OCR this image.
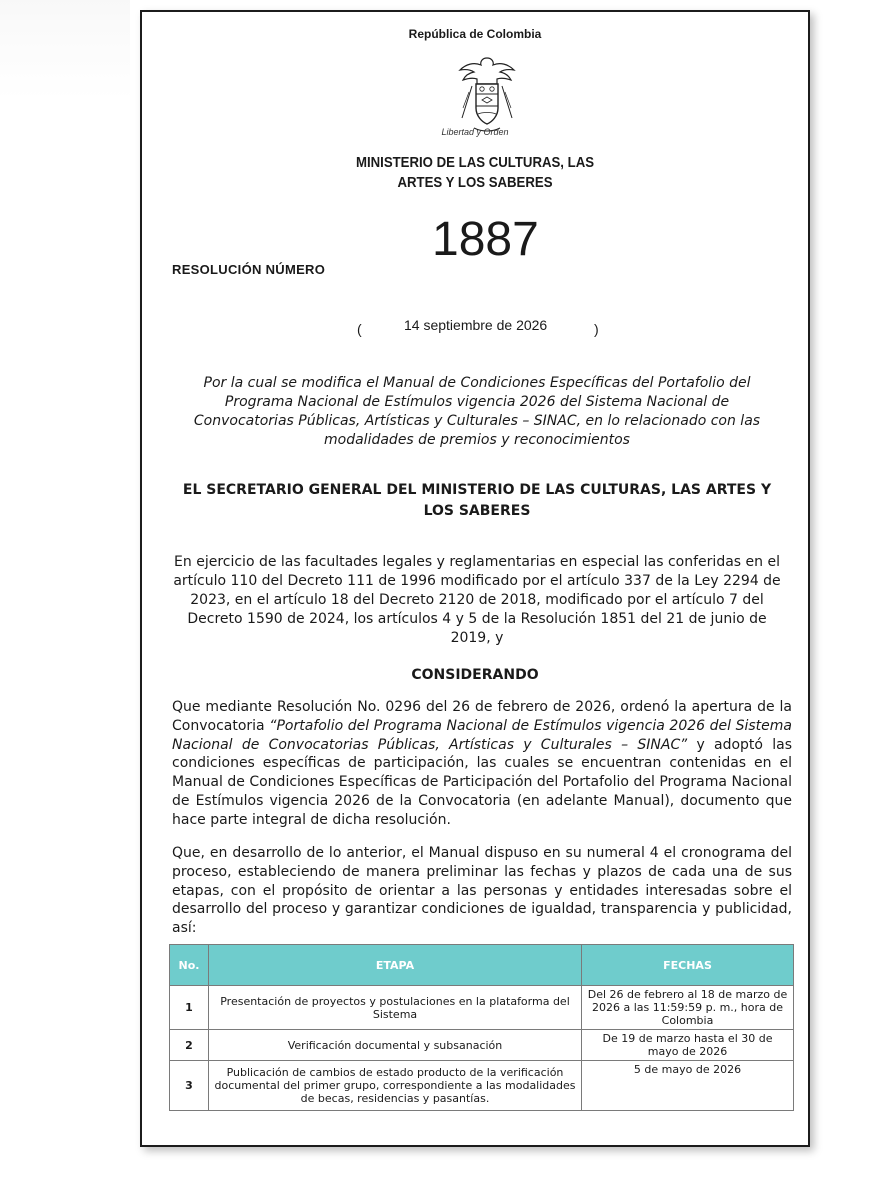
República de Colombia
Libertad y Orden
MINISTERIO DE LAS CULTURAS, LAS
ARTES Y LOS SABERES
1887
RESOLUCIÓN NÚMERO
(	14 septiembre de 2026	)
Por la cual se modifica el Manual de Condiciones Específicas del Portafolio del
Programa Nacional de Estímulos vigencia 2026 del Sistema Nacional de
Convocatorias Públicas, Artísticas y Culturales – SINAC, en lo relacionado con las
modalidades de premios y reconocimientos
EL SECRETARIO GENERAL DEL MINISTERIO DE LAS CULTURAS, LAS ARTES Y
LOS SABERES
En ejercicio de las facultades legales y reglamentarias en especial las conferidas en el
artículo 110 del Decreto 111 de 1996 modificado por el artículo 337 de la Ley 2294 de
2023, en el artículo 18 del Decreto 2120 de 2018, modificado por el artículo 7 del
Decreto 1590 de 2024, los artículos 4 y 5 de la Resolución 1851 del 21 de junio de
2019, y
CONSIDERANDO
Que mediante Resolución No. 0296 del 26 de febrero de 2026, ordenó la apertura de la Convocatoria “Portafolio del Programa Nacional de Estímulos vigencia 2026 del Sistema Nacional de Convocatorias Públicas, Artísticas y Culturales – SINAC” y adoptó las condiciones específicas de participación, las cuales se encuentran contenidas en el Manual de Condiciones Específicas de Participación del Portafolio del Programa Nacional de Estímulos vigencia 2026 de la Convocatoria (en adelante Manual), documento que hace parte integral de dicha resolución.
Que, en desarrollo de lo anterior, el Manual dispuso en su numeral 4 el cronograma del proceso, estableciendo de manera preliminar las fechas y plazos de cada una de sus etapas, con el propósito de orientar a las personas y entidades interesadas sobre el desarrollo del proceso y garantizar condiciones de igualdad, transparencia y publicidad, así:
No.	ETAPA	FECHAS
1	Presentación de proyectos y postulaciones en la plataforma del Sistema	Del 26 de febrero al 18 de marzo de 2026 a las 11:59:59 p. m., hora de Colombia
2	Verificación documental y subsanación	De 19 de marzo hasta el 30 de mayo de 2026
3	Publicación de cambios de estado producto de la verificación documental del primer grupo, correspondiente a las modalidades de becas, residencias y pasantías.	5 de mayo de 2026
